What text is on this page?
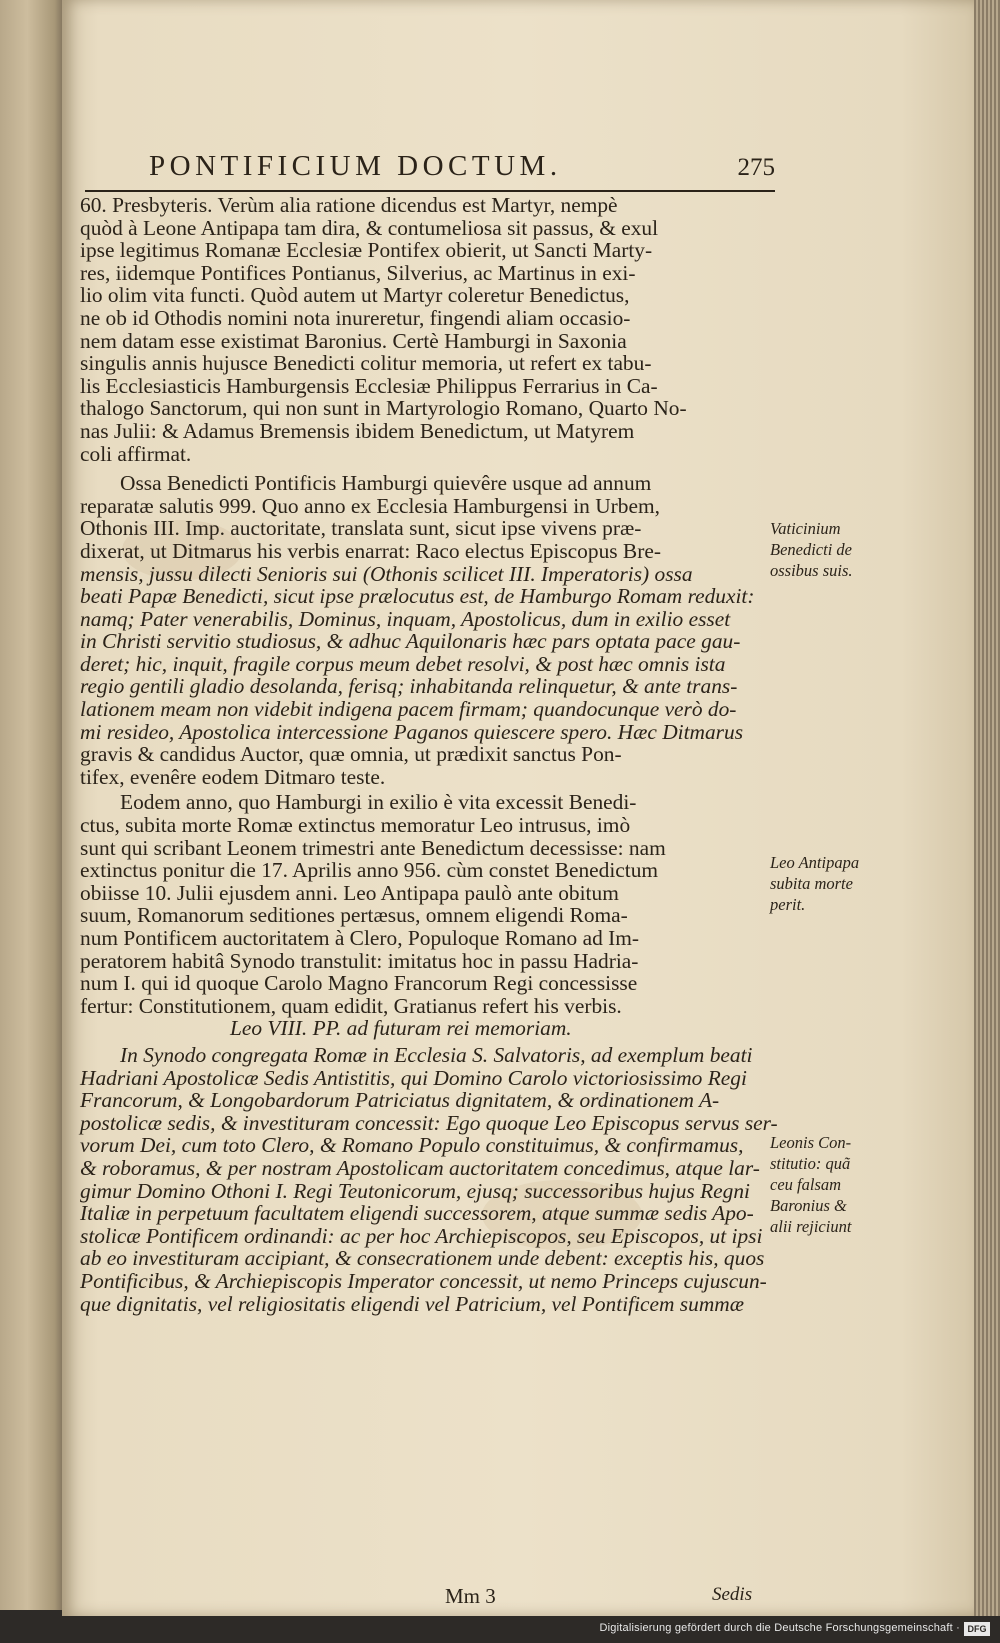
PONTIFICIUM DOCTUM.	275
60. Presbyteris. Verùm alia ratione dicendus est Martyr, nempè
quòd à Leone Antipapa tam dira, & contumeliosa sit passus, & exul
ipse legitimus Romanæ Ecclesiæ Pontifex obierit, ut Sancti Marty-
res, iidemque Pontifices Pontianus, Silverius, ac Martinus in exi-
lio olim vita functi. Quòd autem ut Martyr coleretur Benedictus,
ne ob id Othodis nomini nota inureretur, fingendi aliam occasio-
nem datam esse existimat Baronius. Certè Hamburgi in Saxonia
singulis annis hujusce Benedicti colitur memoria, ut refert ex tabu-
lis Ecclesiasticis Hamburgensis Ecclesiæ Philippus Ferrarius in Ca-
thalogo Sanctorum, qui non sunt in Martyrologio Romano, Quarto No-
nas Julii: & Adamus Bremensis ibidem Benedictum, ut Matyrem
coli affirmat.
Ossa Benedicti Pontificis Hamburgi quievêre usque ad annum
reparatæ salutis 999. Quo anno ex Ecclesia Hamburgensi in Urbem,
Othonis III. Imp. auctoritate, translata sunt, sicut ipse vivens præ-
dixerat, ut Ditmarus his verbis enarrat: Raco electus Episcopus Bre-
mensis, jussu dilecti Senioris sui (Othonis scilicet III. Imperatoris) ossa
beati Papæ Benedicti, sicut ipse prælocutus est, de Hamburgo Romam reduxit:
namq; Pater venerabilis, Dominus, inquam, Apostolicus, dum in exilio esset
in Christi servitio studiosus, & adhuc Aquilonaris hæc pars optata pace gau-
deret; hic, inquit, fragile corpus meum debet resolvi, & post hæc omnis ista
regio gentili gladio desolanda, ferisq; inhabitanda relinquetur, & ante trans-
lationem meam non videbit indigena pacem firmam; quandocunque verò do-
mi resideo, Apostolica intercessione Paganos quiescere spero. Hæc Ditmarus
gravis & candidus Auctor, quæ omnia, ut prædixit sanctus Pon-
tifex, evenêre eodem Ditmaro teste.
Eodem anno, quo Hamburgi in exilio è vita excessit Benedi-
ctus, subita morte Romæ extinctus memoratur Leo intrusus, imò
sunt qui scribant Leonem trimestri ante Benedictum decessisse: nam
extinctus ponitur die 17. Aprilis anno 956. cùm constet Benedictum
obiisse 10. Julii ejusdem anni. Leo Antipapa paulò ante obitum
suum, Romanorum seditiones pertæsus, omnem eligendi Roma-
num Pontificem auctoritatem à Clero, Populoque Romano ad Im-
peratorem habitâ Synodo transtulit: imitatus hoc in passu Hadria-
num I. qui id quoque Carolo Magno Francorum Regi concessisse
fertur: Constitutionem, quam edidit, Gratianus refert his verbis.
Leo VIII. PP. ad futuram rei memoriam.
In Synodo congregata Romæ in Ecclesia S. Salvatoris, ad exemplum beati
Hadriani Apostolicæ Sedis Antistitis, qui Domino Carolo victoriosissimo Regi
Francorum, & Longobardorum Patriciatus dignitatem, & ordinationem A-
postolicæ sedis, & investituram concessit: Ego quoque Leo Episcopus servus ser-
vorum Dei, cum toto Clero, & Romano Populo constituimus, & confirmamus,
& roboramus, & per nostram Apostolicam auctoritatem concedimus, atque lar-
gimur Domino Othoni I. Regi Teutonicorum, ejusq; successoribus hujus Regni
Italiæ in perpetuum facultatem eligendi successorem, atque summæ sedis Apo-
stolicæ Pontificem ordinandi: ac per hoc Archiepiscopos, seu Episcopos, ut ipsi
ab eo investituram accipiant, & consecrationem unde debent: exceptis his, quos
Pontificibus, & Archiepiscopis Imperator concessit, ut nemo Princeps cujuscun-
que dignitatis, vel religiositatis eligendi vel Patricium, vel Pontificem summæ
Vaticinium
Benedicti de
ossibus suis.
Leo Antipapa
subita morte
perit.
Leonis Con-
stitutio: quã
ceu falsam
Baronius &
alii rejiciunt
Mm 3	Sedis
Digitalisierung gefördert durch die Deutsche Forschungsgemeinschaft · DFG
